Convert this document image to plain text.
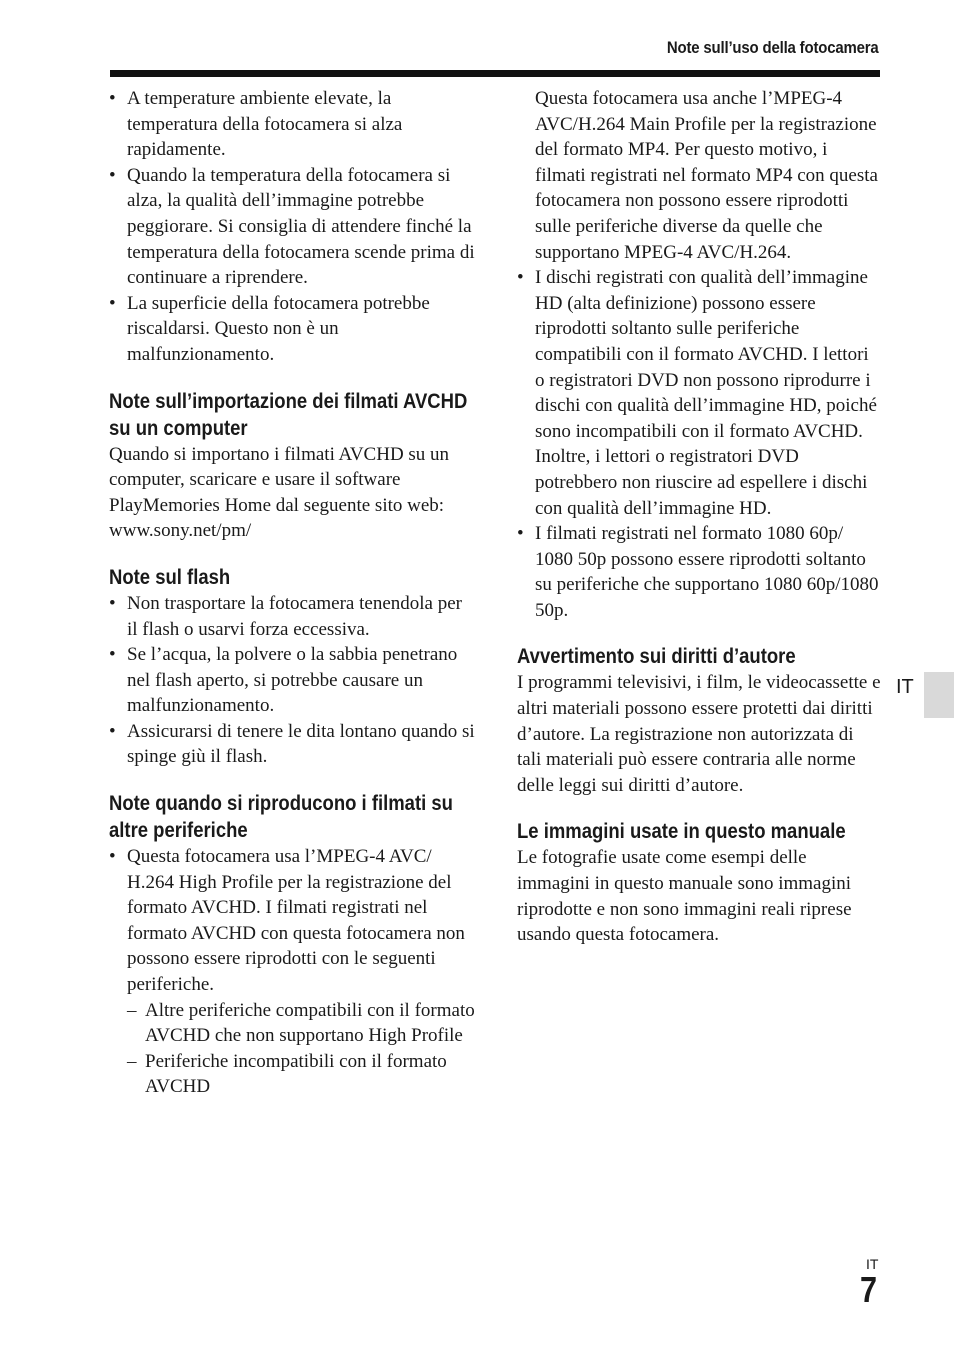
Note sull’uso della fotocamera
• A temperature ambiente elevate, la temperatura della fotocamera si alza rapidamente.
• Quando la temperatura della fotocamera si alza, la qualità dell’immagine potrebbe peggiorare. Si consiglia di attendere finché la temperatura della fotocamera scende prima di continuare a riprendere.
• La superficie della fotocamera potrebbe riscaldarsi. Questo non è un malfunzionamento.
Note sull’importazione dei filmati AVCHD su un computer

Quando si importano i filmati AVCHD su un computer, scaricare e usare il software PlayMemories Home dal seguente sito web:

www.sony.net/pm/

Note sul flash
• Non trasportare la fotocamera tenendola per il flash o usarvi forza eccessiva.
• Se l’acqua, la polvere o la sabbia penetrano nel flash aperto, si potrebbe causare un malfunzionamento.
• Assicurarsi di tenere le dita lontano quando si spinge giù il flash.
Note quando si riproducono i filmati su altre periferiche
• Questa fotocamera usa l’MPEG-4 AVC/ H.264 High Profile per la registrazione del formato AVCHD. I filmati registrati nel formato AVCHD con questa fotocamera non possono essere riprodotti con le seguenti periferiche.
– Altre periferiche compatibili con il formato AVCHD che non supportano High Profile
– Periferiche incompatibili con il formato AVCHD

Questa fotocamera usa anche l’MPEG-4 AVC/H.264 Main Profile per la registrazione del formato MP4. Per questo motivo, i filmati registrati nel formato MP4 con questa fotocamera non possono essere riprodotti sulle periferiche diverse da quelle che supportano MPEG-4 AVC/H.264.

• I dischi registrati con qualità dell’immagine HD (alta definizione) possono essere riprodotti soltanto sulle periferiche compatibili con il formato AVCHD. I lettori o registratori DVD non possono riprodurre i dischi con qualità dell’immagine HD, poiché sono incompatibili con il formato AVCHD. Inoltre, i lettori o registratori DVD potrebbero non riuscire ad espellere i dischi con qualità dell’immagine HD.
• I filmati registrati nel formato 1080 60p/ 1080 50p possono essere riprodotti soltanto su periferiche che supportano 1080 60p/1080 50p.
Avvertimento sui diritti d’autore

I programmi televisivi, i film, le videocassette e altri materiali possono essere protetti dai diritti d’autore. La registrazione non autorizzata di tali materiali può essere contraria alle norme delle leggi sui diritti d’autore.

Le immagini usate in questo manuale

Le fotografie usate come esempi delle immagini in questo manuale sono immagini riprodotte e non sono immagini reali riprese usando questa fotocamera.

IT
IT
7
